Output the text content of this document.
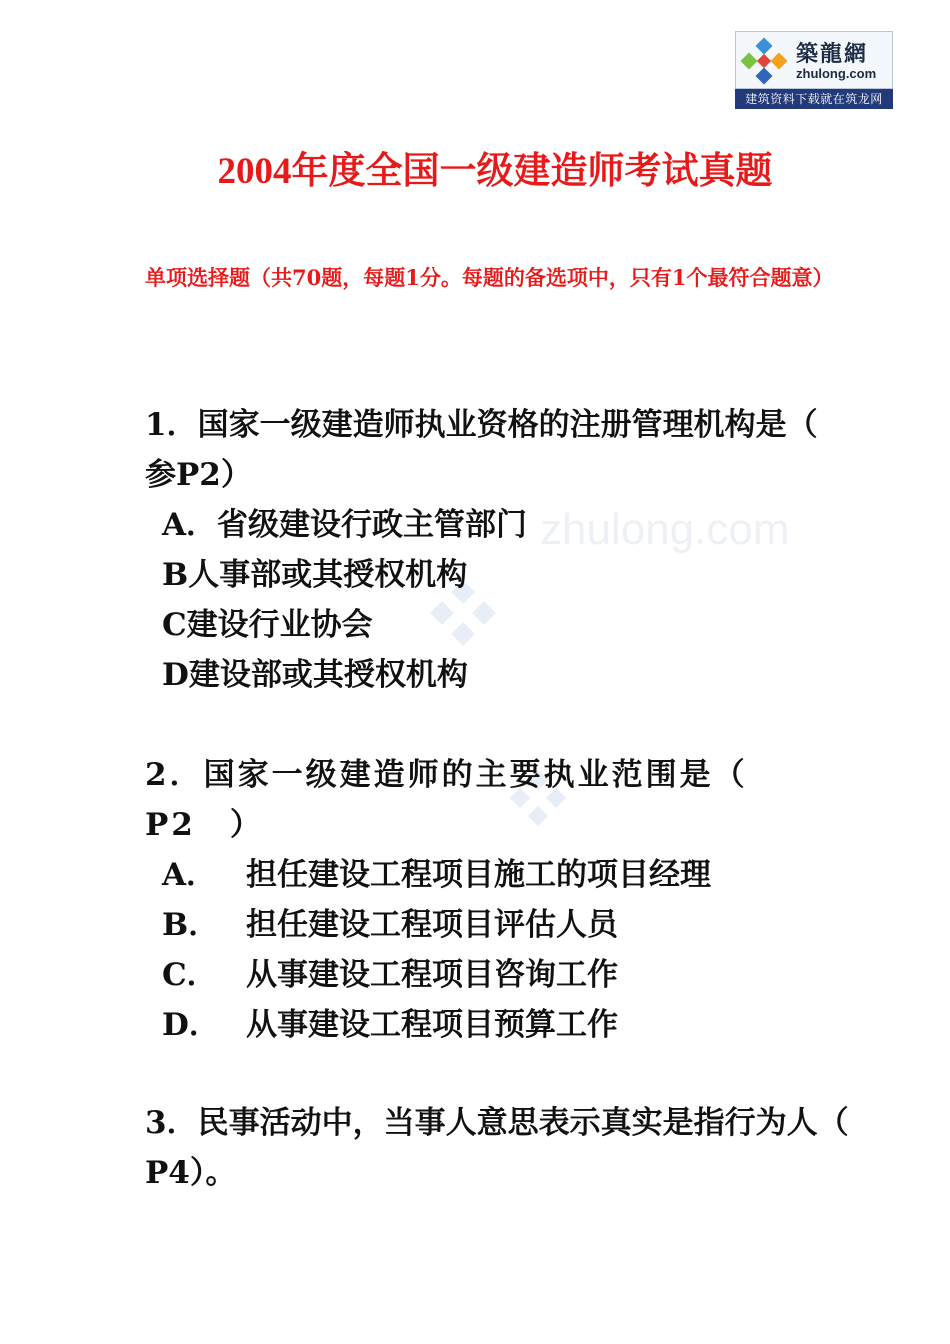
築龍網
zhulong.com
建筑资料下载就在筑龙网
zhulong.com
2004年度全国一级建造师考试真题
单项选择题（共70题，每题1分。每题的备选项中，只有1个最符合题意）
1．国家一级建造师执业资格的注册管理机构是（　 参P2）
A．省级建设行政主管部门
B人事部或其授权机构
C建设行业协会
D建设部或其授权机构
2．国家一级建造师的主要执业范围是（ P2　）
A． 担任建设工程项目施工的项目经理
B． 担任建设工程项目评估人员
C． 从事建设工程项目咨询工作
D． 从事建设工程项目预算工作
3．民事活动中，当事人意思表示真实是指行为人（　P4）。
